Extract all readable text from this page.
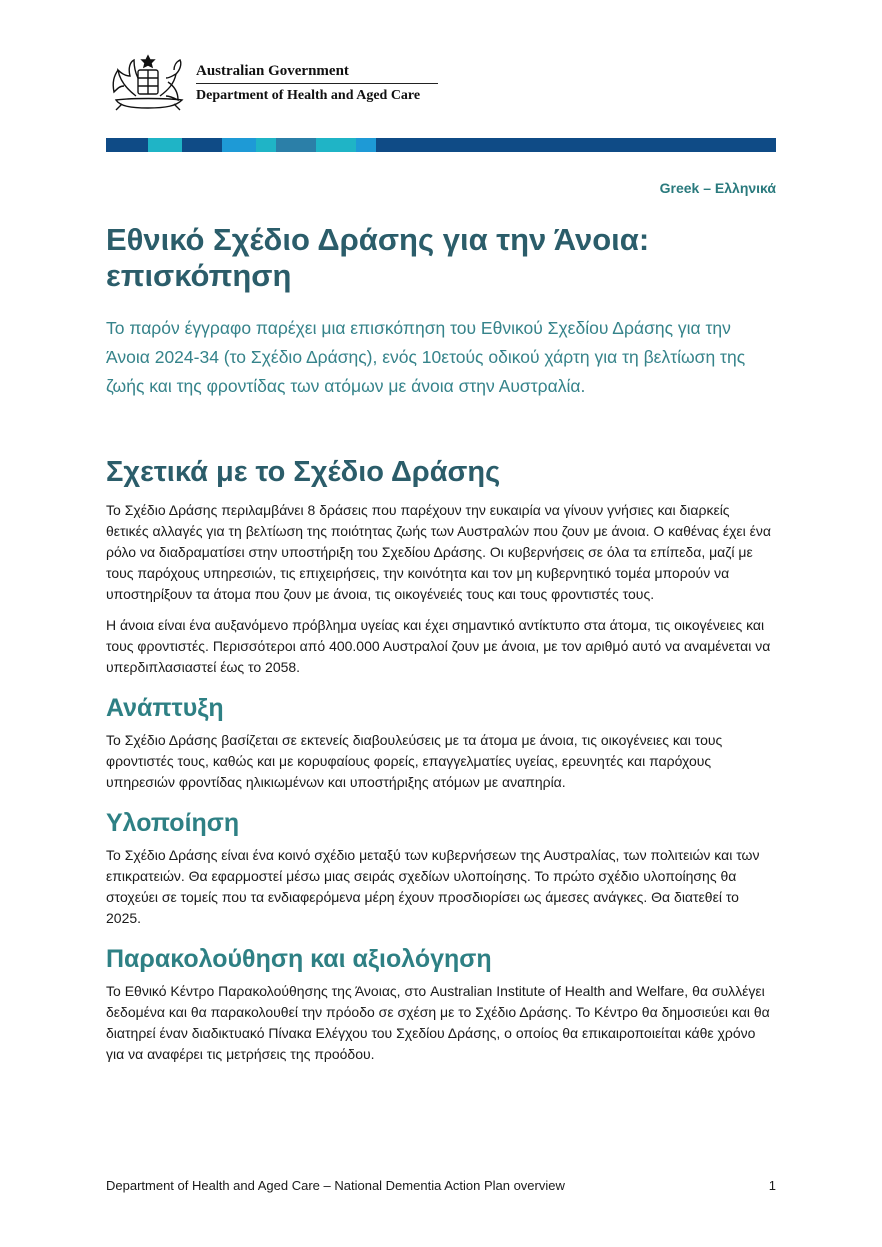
Australian Government
Department of Health and Aged Care
Greek – Ελληνικά
Εθνικό Σχέδιο Δράσης για την Άνοια: επισκόπηση

Το παρόν έγγραφο παρέχει μια επισκόπηση του Εθνικού Σχεδίου Δράσης για την Άνοια 2024-34 (το Σχέδιο Δράσης), ενός 10ετούς οδικού χάρτη για τη βελτίωση της ζωής και της φροντίδας των ατόμων με άνοια στην Αυστραλία.

Σχετικά με το Σχέδιο Δράσης

Το Σχέδιο Δράσης περιλαμβάνει 8 δράσεις που παρέχουν την ευκαιρία να γίνουν γνήσιες και διαρκείς θετικές αλλαγές για τη βελτίωση της ποιότητας ζωής των Αυστραλών που ζουν με άνοια. Ο καθένας έχει ένα ρόλο να διαδραματίσει στην υποστήριξη του Σχεδίου Δράσης. Οι κυβερνήσεις σε όλα τα επίπεδα, μαζί με τους παρόχους υπηρεσιών, τις επιχειρήσεις, την κοινότητα και τον μη κυβερνητικό τομέα μπορούν να υποστηρίξουν τα άτομα που ζουν με άνοια, τις οικογένειές τους και τους φροντιστές τους.

Η άνοια είναι ένα αυξανόμενο πρόβλημα υγείας και έχει σημαντικό αντίκτυπο στα άτομα, τις οικογένειες και τους φροντιστές. Περισσότεροι από 400.000 Αυστραλοί ζουν με άνοια, με τον αριθμό αυτό να αναμένεται να υπερδιπλασιαστεί έως το 2058.

Ανάπτυξη

Το Σχέδιο Δράσης βασίζεται σε εκτενείς διαβουλεύσεις με τα άτομα με άνοια, τις οικογένειες και τους φροντιστές τους, καθώς και με κορυφαίους φορείς, επαγγελματίες υγείας, ερευνητές και παρόχους υπηρεσιών φροντίδας ηλικιωμένων και υποστήριξης ατόμων με αναπηρία.

Υλοποίηση

Το Σχέδιο Δράσης είναι ένα κοινό σχέδιο μεταξύ των κυβερνήσεων της Αυστραλίας, των πολιτειών και των επικρατειών. Θα εφαρμοστεί μέσω μιας σειράς σχεδίων υλοποίησης. Το πρώτο σχέδιο υλοποίησης θα στοχεύει σε τομείς που τα ενδιαφερόμενα μέρη έχουν προσδιορίσει ως άμεσες ανάγκες. Θα διατεθεί το 2025.

Παρακολούθηση και αξιολόγηση

Το Εθνικό Κέντρο Παρακολούθησης της Άνοιας, στο Australian Institute of Health and Welfare, θα συλλέγει δεδομένα και θα παρακολουθεί την πρόοδο σε σχέση με το Σχέδιο Δράσης. Το Κέντρο θα δημοσιεύει και θα διατηρεί έναν διαδικτυακό Πίνακα Ελέγχου του Σχεδίου Δράσης, ο οποίος θα επικαιροποιείται κάθε χρόνο για να αναφέρει τις μετρήσεις της προόδου.

Department of Health and Aged Care – National Dementia Action Plan overview	1
